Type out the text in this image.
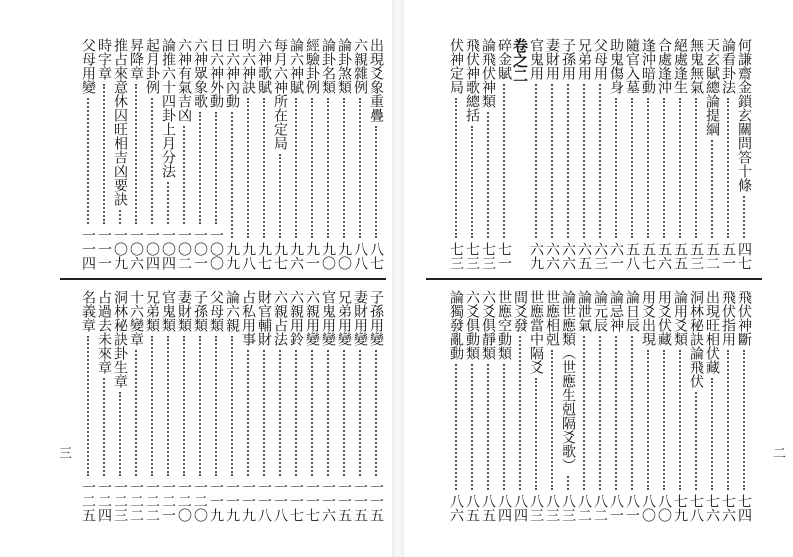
出現爻象重疊
八七
六親雜例
八八
論卦煞類
九〇
論卦名類
九〇
經驗卦例
九一
論六神賦
九六
每月六神所在定局
九七
六神歌賦
九七
明六神訣
九八
日六神內動
九九
日六神外動
一〇〇
六神眾象歌
一〇一
六神有氣吉凶
一〇二
論推六十四卦上月分法
一〇四
起月卦例
一〇四
昇降章
一〇六
推占來意休囚旺相吉凶要訣
一〇九
時字章
一一一
父母用變
一一四
子孫用變
一一五
妻財用變
一一五
兄弟用變
一一五
官鬼用變
一一六
六親用變
一一七
六親用鈴
一一七
六親占法
一一八
財官輔財
一一八
占私用事
一一九
論六親
一一九
父母類
一一九
子孫類
一二〇
妻財類
一二〇
官鬼類
一二一
兄弟類
一二二
十六變章
一二二
洞林秘訣卦生章
一二三
占過去未來章
一二四
名義章
一二五
三
何謙齋金鎖玄關問答十條
四七
論看卦法
五一
天玄賦總論提綱
五二
無鬼無氣
五三
絕處逢生
五五
合處逢沖
五六
逢沖暗動
五七
隨官入墓
五八
助鬼傷身
六一
父母用
六三
兄弟用
六五
子孫用
六六
妻財用
六六
官鬼用
六九
卷之二
碎金賦
七一
論飛伏神類
七三
飛伏神歌總括
七三
伏神定局
七三
飛伏神斷
七四
飛伏指用
七六
出現旺相伏藏
七六
洞林秘訣論飛伏
七八
論用爻類
七九
用爻伏藏
八〇
用爻出現
八〇
論日辰
八一
論忌神
八一
論元辰
八二
論泄氣
八二
論世應類（世應生剋隔爻歌）
八三
世應相剋
八三
世應當中隔爻
八三
間爻發
八四
世應空動類
八四
六爻俱靜類
八五
六爻俱動類
八五
論獨發亂動
八六
二
